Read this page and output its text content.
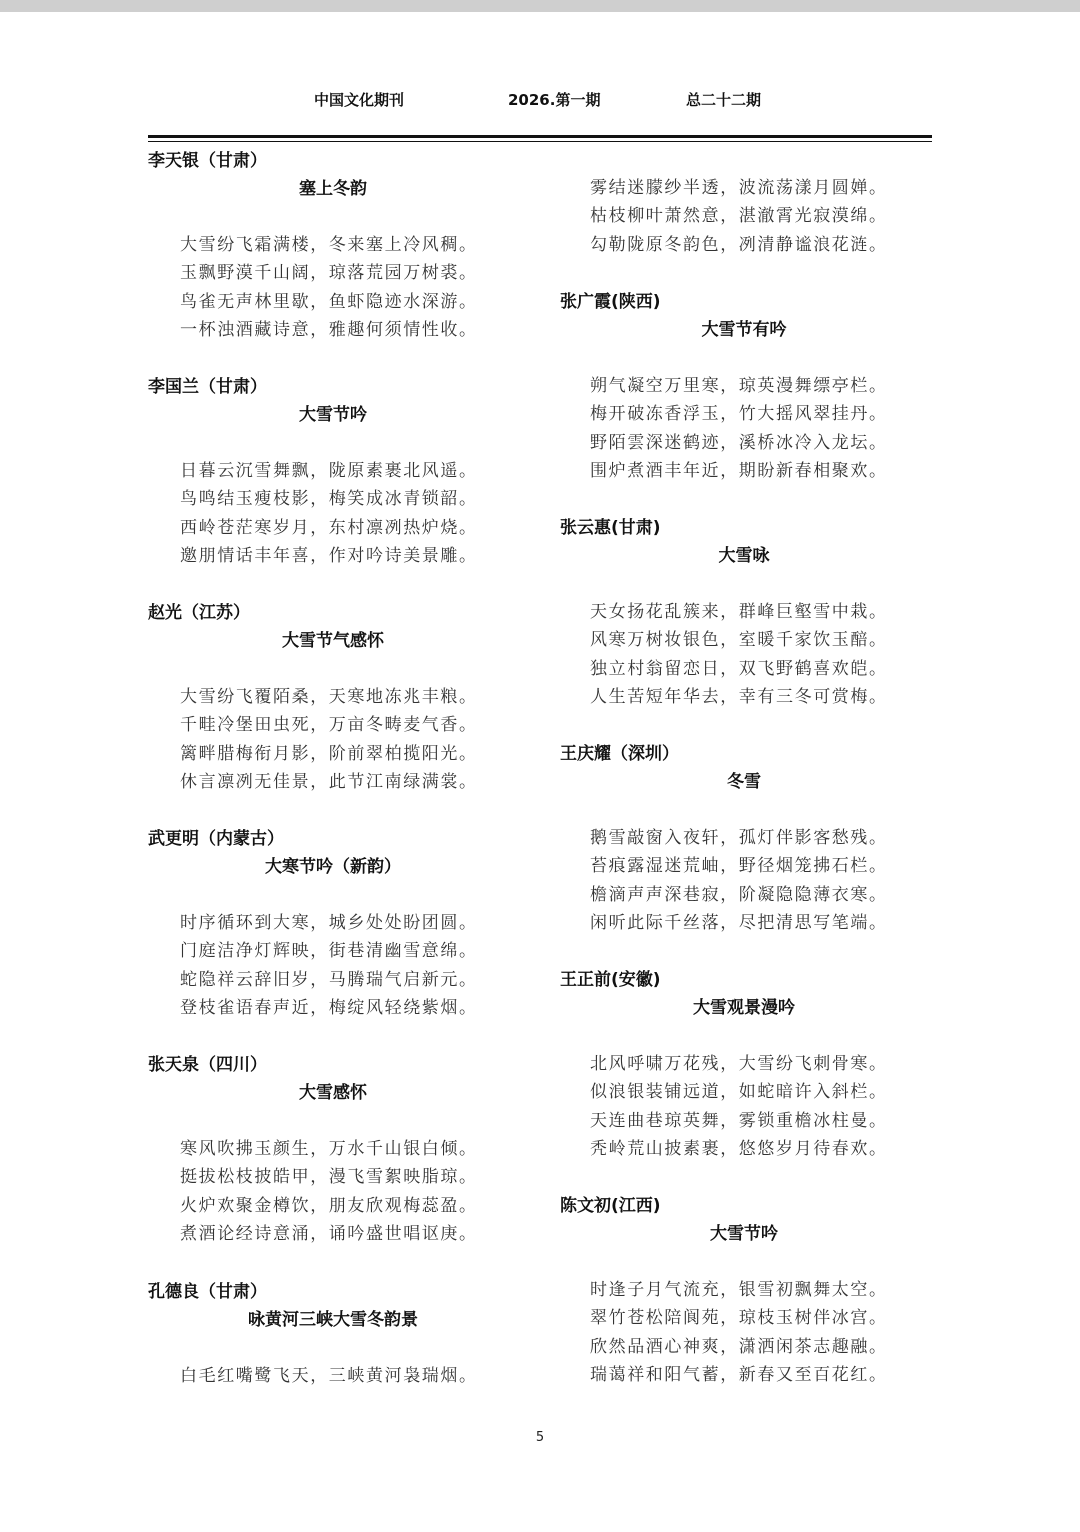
中国文化期刊	2026.第一期	总二十二期
李天银（甘肃）
塞上冬韵
大雪纷飞霜满楼，冬来塞上冷风稠。
玉飘野漠千山阔，琼落荒园万树裘。
鸟雀无声林里歇，鱼虾隐迹水深游。
一杯浊酒藏诗意，雅趣何须情性收。
李国兰（甘肃）
大雪节吟
日暮云沉雪舞飘，陇原素裹北风遥。
鸟鸣结玉瘦枝影，梅笑成冰青锁韶。
西岭苍茫寒岁月，东村凛冽热炉烧。
邀朋情话丰年喜，作对吟诗美景雕。
赵光（江苏）
大雪节气感怀
大雪纷飞覆陌桑，天寒地冻兆丰粮。
千畦冷堡田虫死，万亩冬畴麦气香。
篱畔腊梅衔月影，阶前翠柏揽阳光。
休言凛冽无佳景，此节江南绿满裳。
武更明（内蒙古）
大寒节吟（新韵）
时序循环到大寒，城乡处处盼团圆。
门庭洁净灯辉映，街巷清幽雪意绵。
蛇隐祥云辞旧岁，马腾瑞气启新元。
登枝雀语春声近，梅绽风轻绕紫烟。
张天泉（四川）
大雪感怀
寒风吹拂玉颜生，万水千山银白倾。
挺拔松枝披皓甲，漫飞雪絮映脂琼。
火炉欢聚金樽饮，朋友欣观梅蕊盈。
煮酒论经诗意涌，诵吟盛世唱讴庚。
孔德良（甘肃）
咏黄河三峡大雪冬韵景
白毛红嘴鹭飞天，三峡黄河袅瑞烟。
雾结迷朦纱半透，波流荡漾月圆婵。
枯枝柳叶萧然意，湛澈霄光寂漠绵。
勾勒陇原冬韵色，冽清静谧浪花涟。
张广霞(陕西)
大雪节有吟
朔气凝空万里寒，琼英漫舞缥亭栏。
梅开破冻香浮玉，竹大摇风翠挂丹。
野陌雲深迷鹤迹，溪桥冰冷入龙坛。
围炉煮酒丰年近，期盼新春相聚欢。
张云惠(甘肃)
大雪咏
天女扬花乱簇来，群峰巨壑雪中栽。
风寒万树妆银色，室暖千家饮玉醅。
独立村翁留恋日，双飞野鹤喜欢皑。
人生苦短年华去，幸有三冬可赏梅。
王庆耀（深圳）
冬雪
鹅雪敲窗入夜轩，孤灯伴影客愁残。
苔痕露湿迷荒岫，野径烟笼拂石栏。
檐滴声声深巷寂，阶凝隐隐薄衣寒。
闲听此际千丝落，尽把清思写笔端。
王正前(安徽)
大雪观景漫吟
北风呼啸万花残，大雪纷飞刺骨寒。
似浪银装铺远道，如蛇暗许入斜栏。
天连曲巷琼英舞，雾锁重檐冰柱曼。
秃岭荒山披素裹，悠悠岁月待春欢。
陈文初(江西)
大雪节吟
时逢子月气流充，银雪初飘舞太空。
翠竹苍松陪阆苑，琼枝玉树伴冰宫。
欣然品酒心神爽，潇洒闲茶志趣融。
瑞蔼祥和阳气蓄，新春又至百花红。
5
